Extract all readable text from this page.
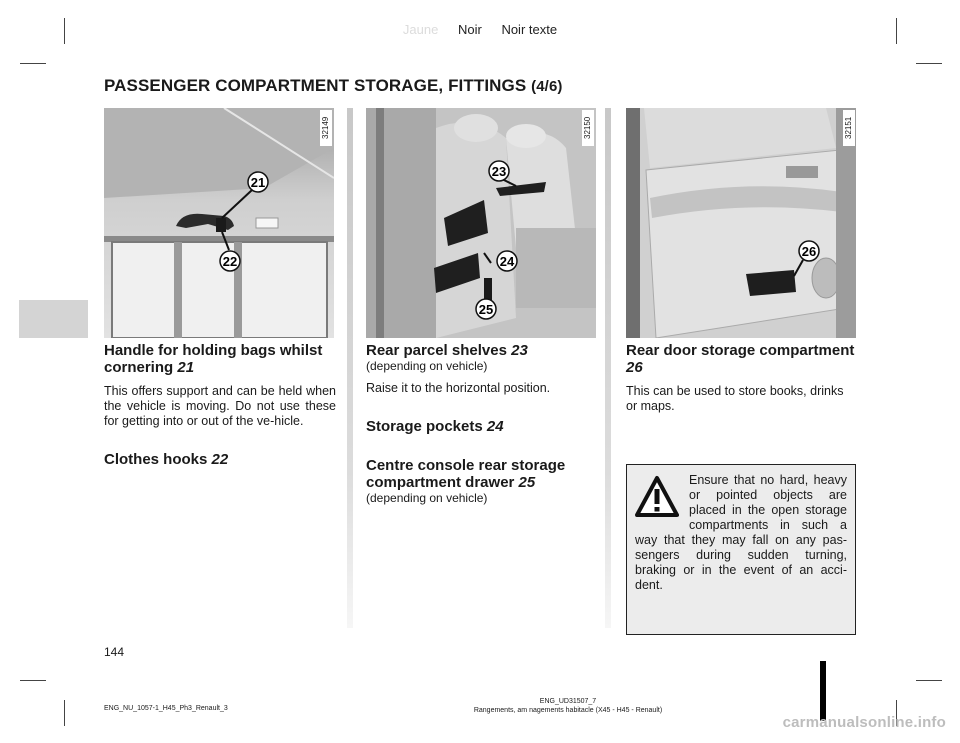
Jaune Noir Noir texte
PASSENGER COMPARTMENT STORAGE, FITTINGS (4/6)
21
22
32149
23
24
25
32150
26
32151
Handle for holding bags whilst cornering 21
This offers support and can be held when the vehicle is moving. Do not use these for getting into or out of the ve-hicle.
Clothes hooks 22
Rear parcel shelves 23
(depending on vehicle)
Raise it to the horizontal position.
Storage pockets 24
Centre console rear storage compartment drawer 25
(depending on vehicle)
Rear door storage compartment 26
This can be used to store books, drinks or maps.
Ensure that no hard, heavy or pointed objects are placed in the open storage compartments in such a way that they may fall on any pas-sengers during sudden turning, braking or in the event of an acci-dent.
144
ENG_NU_1057-1_H45_Ph3_Renault_3
ENG_UD31507_7
Rangements, am nagements habitacle (X45 - H45 - Renault)
carmanualsonline.info
